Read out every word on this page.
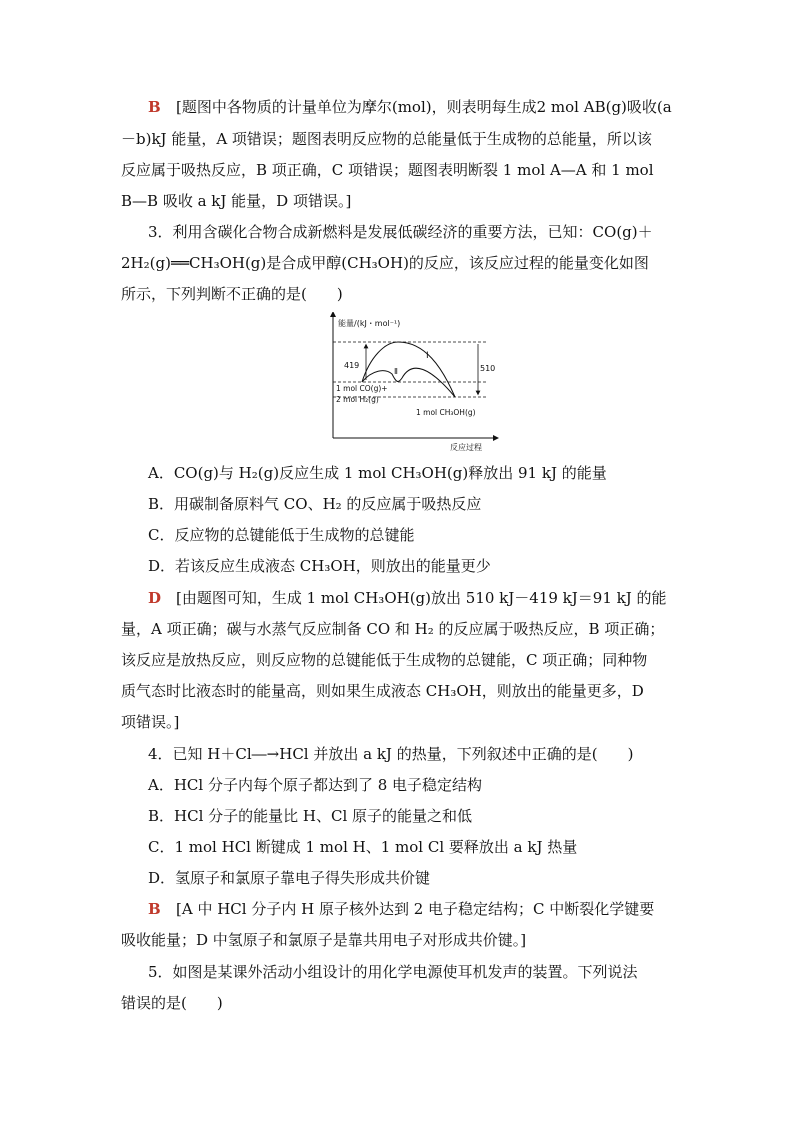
B [题图中各物质的计量单位为摩尔(mol)，则表明每生成2 mol AB(g)吸收(a
－b)kJ 能量，A 项错误；题图表明反应物的总能量低于生成物的总能量，所以该
反应属于吸热反应，B 项正确，C 项错误；题图表明断裂 1 mol A—A 和 1 mol
B—B 吸收 a kJ 能量，D 项错误。]
3．利用含碳化合物合成新燃料是发展低碳经济的重要方法，已知：CO(g)＋
2H₂(g)══CH₃OH(g)是合成甲醇(CH₃OH)的反应，该反应过程的能量变化如图
所示，下列判断不正确的是(　　)
能量/(kJ・mol⁻¹)
反应过程
419	510
Ⅰ
Ⅱ
1 mol CO(g)+
2 mol H₂(g)
1 mol CH₃OH(g)
A．CO(g)与 H₂(g)反应生成 1 mol CH₃OH(g)释放出 91 kJ 的能量
B．用碳制备原料气 CO、H₂ 的反应属于吸热反应
C．反应物的总键能低于生成物的总键能
D．若该反应生成液态 CH₃OH，则放出的能量更少
D [由题图可知，生成 1 mol CH₃OH(g)放出 510 kJ－419 kJ＝91 kJ 的能
量，A 项正确；碳与水蒸气反应制备 CO 和 H₂ 的反应属于吸热反应，B 项正确；
该反应是放热反应，则反应物的总键能低于生成物的总键能，C 项正确；同种物
质气态时比液态时的能量高，则如果生成液态 CH₃OH，则放出的能量更多，D
项错误。]
4．已知 H＋Cl―→HCl 并放出 a kJ 的热量，下列叙述中正确的是(　　)
A．HCl 分子内每个原子都达到了 8 电子稳定结构
B．HCl 分子的能量比 H、Cl 原子的能量之和低
C．1 mol HCl 断键成 1 mol H、1 mol Cl 要释放出 a kJ 热量
D．氢原子和氯原子靠电子得失形成共价键
B [A 中 HCl 分子内 H 原子核外达到 2 电子稳定结构；C 中断裂化学键要
吸收能量；D 中氢原子和氯原子是靠共用电子对形成共价键。]
5．如图是某课外活动小组设计的用化学电源使耳机发声的装置。下列说法
错误的是(　　)
